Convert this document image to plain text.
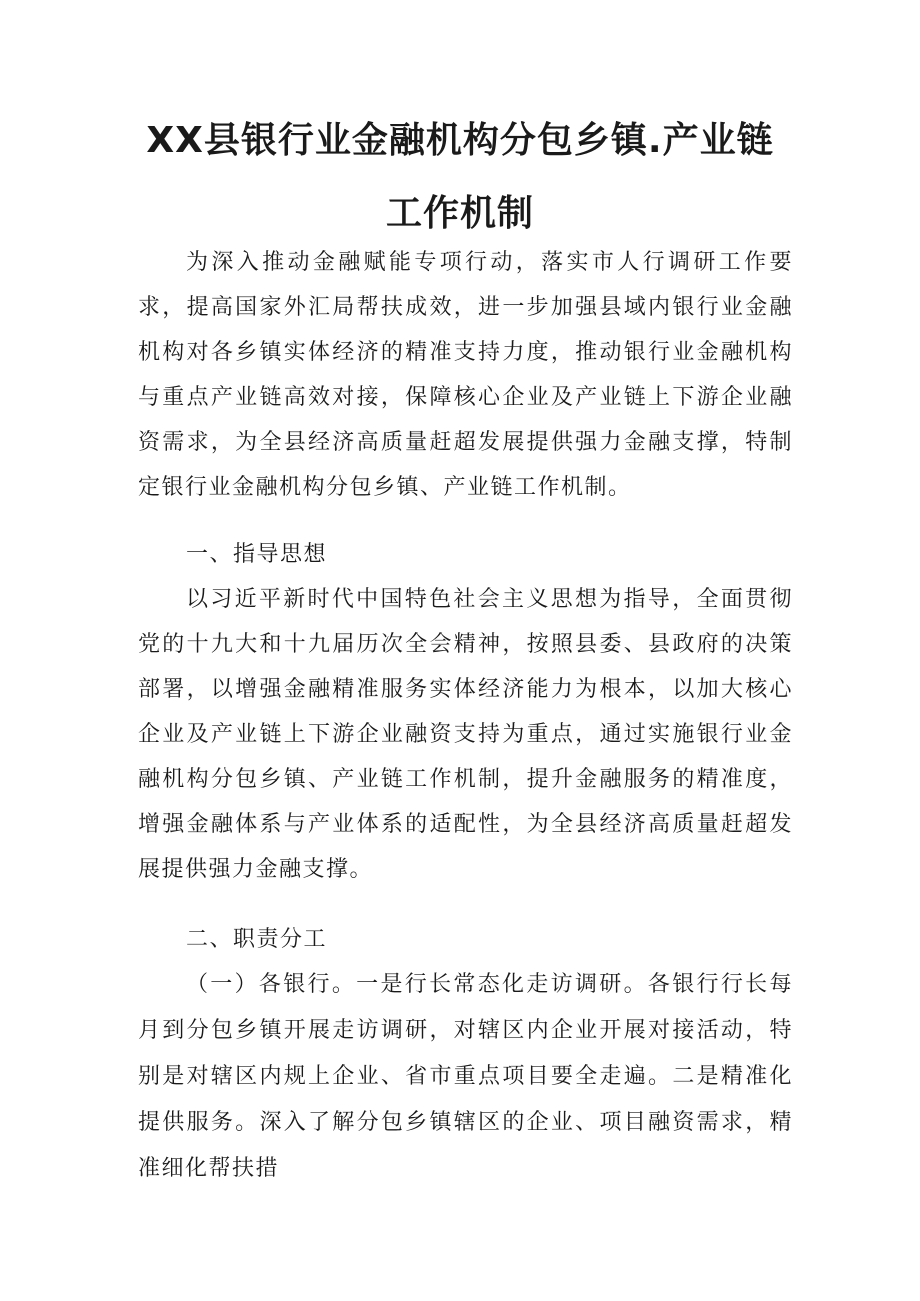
XX县银行业金融机构分包乡镇.产业链
工作机制

为深入推动金融赋能专项行动，落实市人行调研工作要求，提高国家外汇局帮扶成效，进一步加强县域内银行业金融机构对各乡镇实体经济的精准支持力度，推动银行业金融机构与重点产业链高效对接，保障核心企业及产业链上下游企业融资需求，为全县经济高质量赶超发展提供强力金融支撑，特制定银行业金融机构分包乡镇、产业链工作机制。

一、指导思想

以习近平新时代中国特色社会主义思想为指导，全面贯彻党的十九大和十九届历次全会精神，按照县委、县政府的决策部署，以增强金融精准服务实体经济能力为根本，以加大核心企业及产业链上下游企业融资支持为重点，通过实施银行业金融机构分包乡镇、产业链工作机制，提升金融服务的精准度，增强金融体系与产业体系的适配性，为全县经济高质量赶超发展提供强力金融支撑。

二、职责分工

（一）各银行。一是行长常态化走访调研。各银行行长每月到分包乡镇开展走访调研，对辖区内企业开展对接活动，特别是对辖区内规上企业、省市重点项目要全走遍。二是精准化提供服务。深入了解分包乡镇辖区的企业、项目融资需求，精准细化帮扶措
